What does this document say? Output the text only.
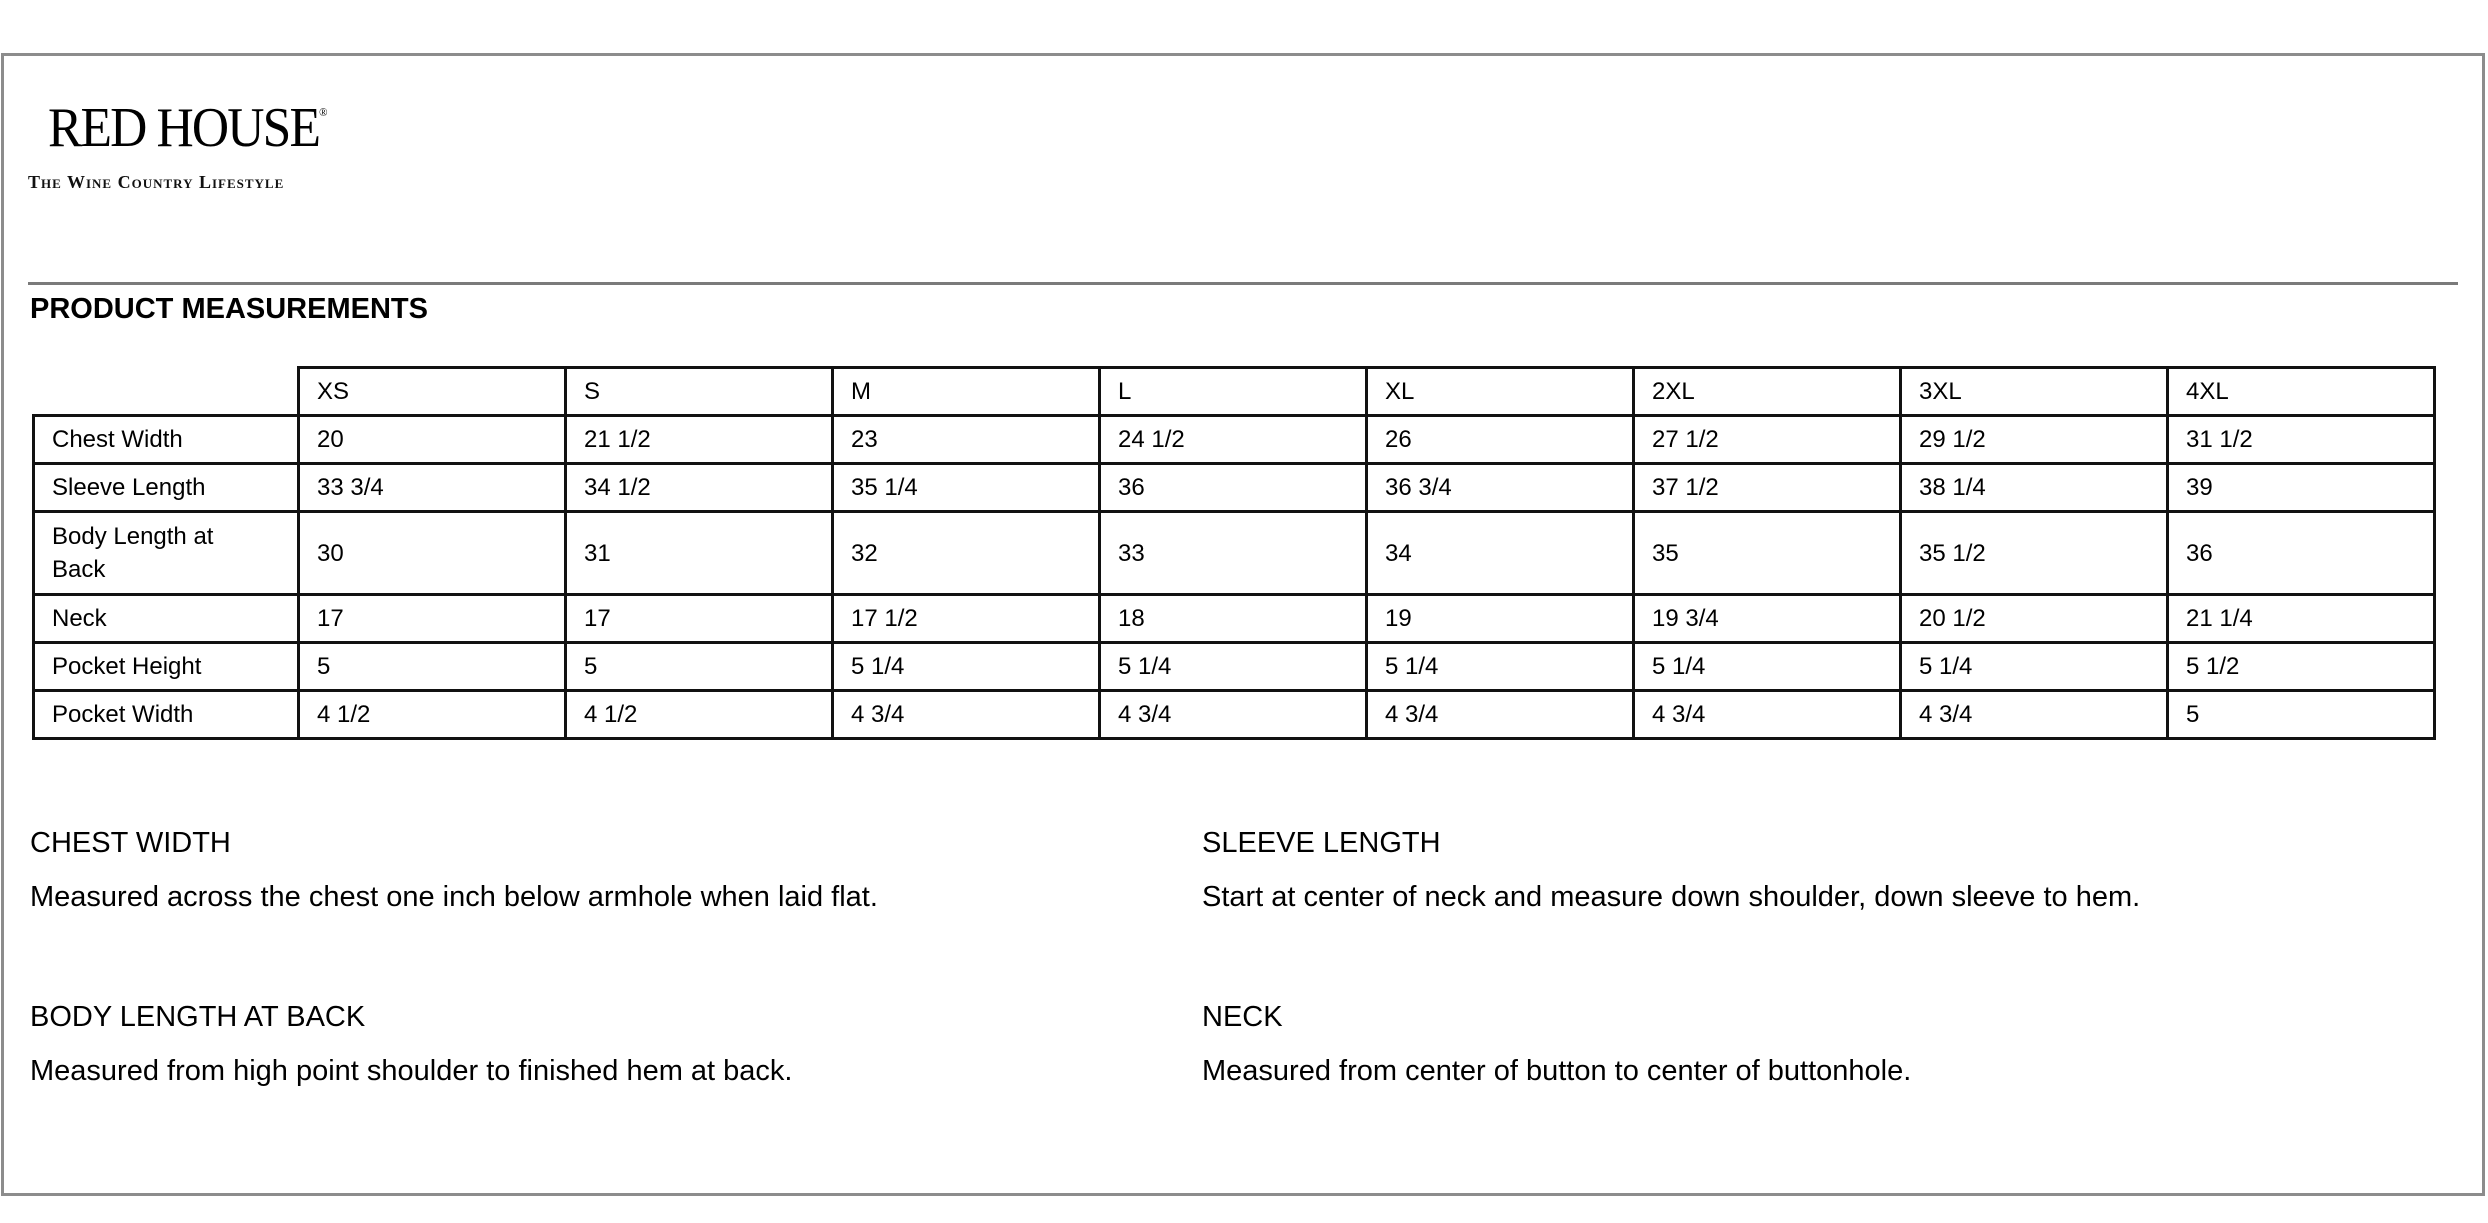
RED HOUSE®
The Wine Country Lifestyle
PRODUCT MEASUREMENTS
	XS	S	M	L	XL	2XL	3XL	4XL
Chest Width	20	21 1/2	23	24 1/2	26	27 1/2	29 1/2	31 1/2
Sleeve Length	33 3/4	34 1/2	35 1/4	36	36 3/4	37 1/2	38 1/4	39
Body Length at Back	30	31	32	33	34	35	35 1/2	36
Neck	17	17	17 1/2	18	19	19 3/4	20 1/2	21 1/4
Pocket Height	5	5	5 1/4	5 1/4	5 1/4	5 1/4	5 1/4	5 1/2
Pocket Width	4 1/2	4 1/2	4 3/4	4 3/4	4 3/4	4 3/4	4 3/4	5

CHEST WIDTH

Measured across the chest one inch below armhole when laid flat.

SLEEVE LENGTH

Start at center of neck and measure down shoulder, down sleeve to hem.

BODY LENGTH AT BACK

Measured from high point shoulder to finished hem at back.

NECK

Measured from center of button to center of buttonhole.
